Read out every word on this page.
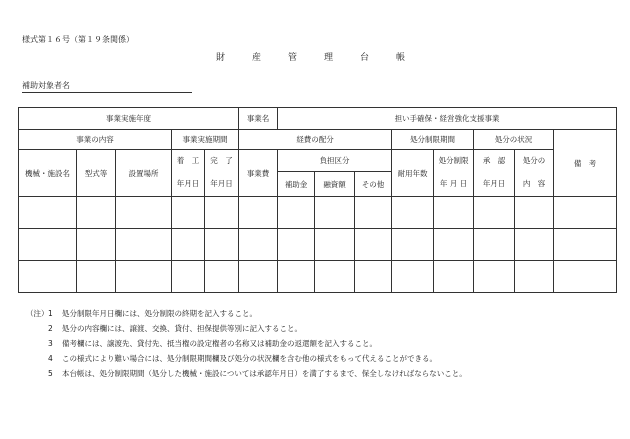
様式第１６号（第１９条関係）
財　産　管　理　台　帳
補助対象者名
事業実施年度					事業名	担い手確保・経営強化支援事業							
事業の内容			事業実施期間		経費の配分				処分制限期間		処分の状況		備　考
機械・施設名	型式等	設置場所	着　工	完　了	事業費	負担区分			耐用年数	処分制限	承　認	処分の	
			年月日	年月日		補助金	融資額	その他		年 月 日	年月日	内　容	

（注） 1	処分制限年月日欄には、処分制限の終期を記入すること。
2	処分の内容欄には、譲渡、交換、貸付、担保提供等別に記入すること。
3	備考欄には、譲渡先、貸付先、抵当権の設定権者の名称又は補助金の返還額を記入すること。
4	この様式により難い場合には、処分制限期間欄及び処分の状況欄を含む他の様式をもって代えることができる。
5	本台帳は、処分制限期間（処分した機械・施設については承認年月日）を満了するまで、保全しなければならないこと。
